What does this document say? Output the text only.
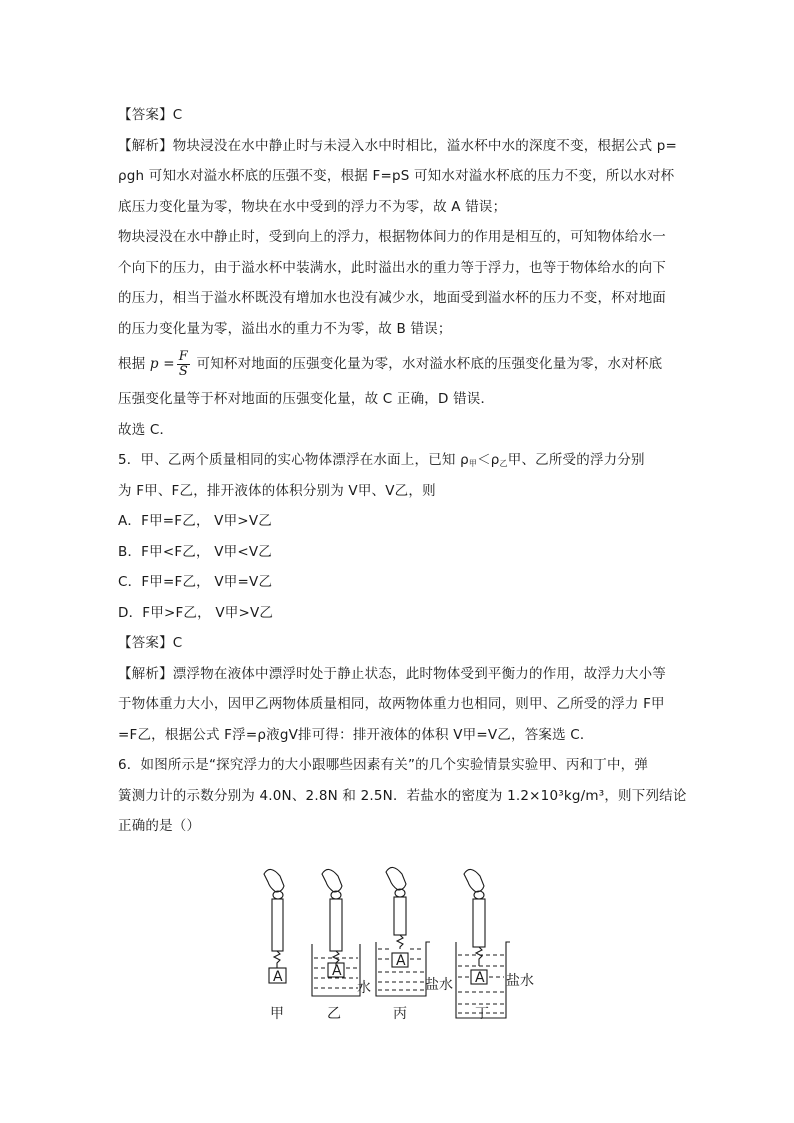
【答案】C
【解析】物块浸没在水中静止时与未浸入水中时相比，溢水杯中水的深度不变，根据公式 p=
ρgh 可知水对溢水杯底的压强不变，根据 F=pS 可知水对溢水杯底的压力不变，所以水对杯
底压力变化量为零，物块在水中受到的浮力不为零，故 A 错误；
物块浸没在水中静止时，受到向上的浮力，根据物体间力的作用是相互的，可知物体给水一
个向下的压力，由于溢水杯中装满水，此时溢出水的重力等于浮力，也等于物体给水的向下
的压力，相当于溢水杯既没有增加水也没有减少水，地面受到溢水杯的压力不变，杯对地面
的压力变化量为零，溢出水的重力不为零，故 B 错误；
根据 $p = \frac{F}{S}$ 可知杯对地面的压强变化量为零，水对溢水杯底的压强变化量为零，水对杯底
压强变化量等于杯对地面的压强变化量，故 C 正确，D 错误．
故选 C．
5．甲、乙两个质量相同的实心物体漂浮在水面上，已知 $\rho_甲<\rho_乙$甲、乙所受的浮力分别
为 F甲、F乙，排开液体的体积分别为 V甲、V乙，则
A．F甲=F乙， V甲>V乙
B．F甲<F乙， V甲<V乙
C．F甲=F乙， V甲=V乙
D．F甲>F乙， V甲>V乙
【答案】C
【解析】漂浮物在液体中漂浮时处于静止状态，此时物体受到平衡力的作用，故浮力大小等
于物体重力大小，因甲乙两物体质量相同，故两物体重力也相同，则甲、乙所受的浮力 F甲
=F乙，根据公式 F浮=ρ液gV排可得：排开液体的体积 V甲=V乙，答案选 C．
6．如图所示是“探究浮力的大小跟哪些因素有关”的几个实验情景实验甲、丙和丁中，弹
簧测力计的示数分别为 4.0N、2.8N 和 2.5N．若盐水的密度为 1.2×10³kg/m³，则下列结论
正确的是（）
A	A
A
A
水	盐水	盐水
甲	乙	丙	丁
